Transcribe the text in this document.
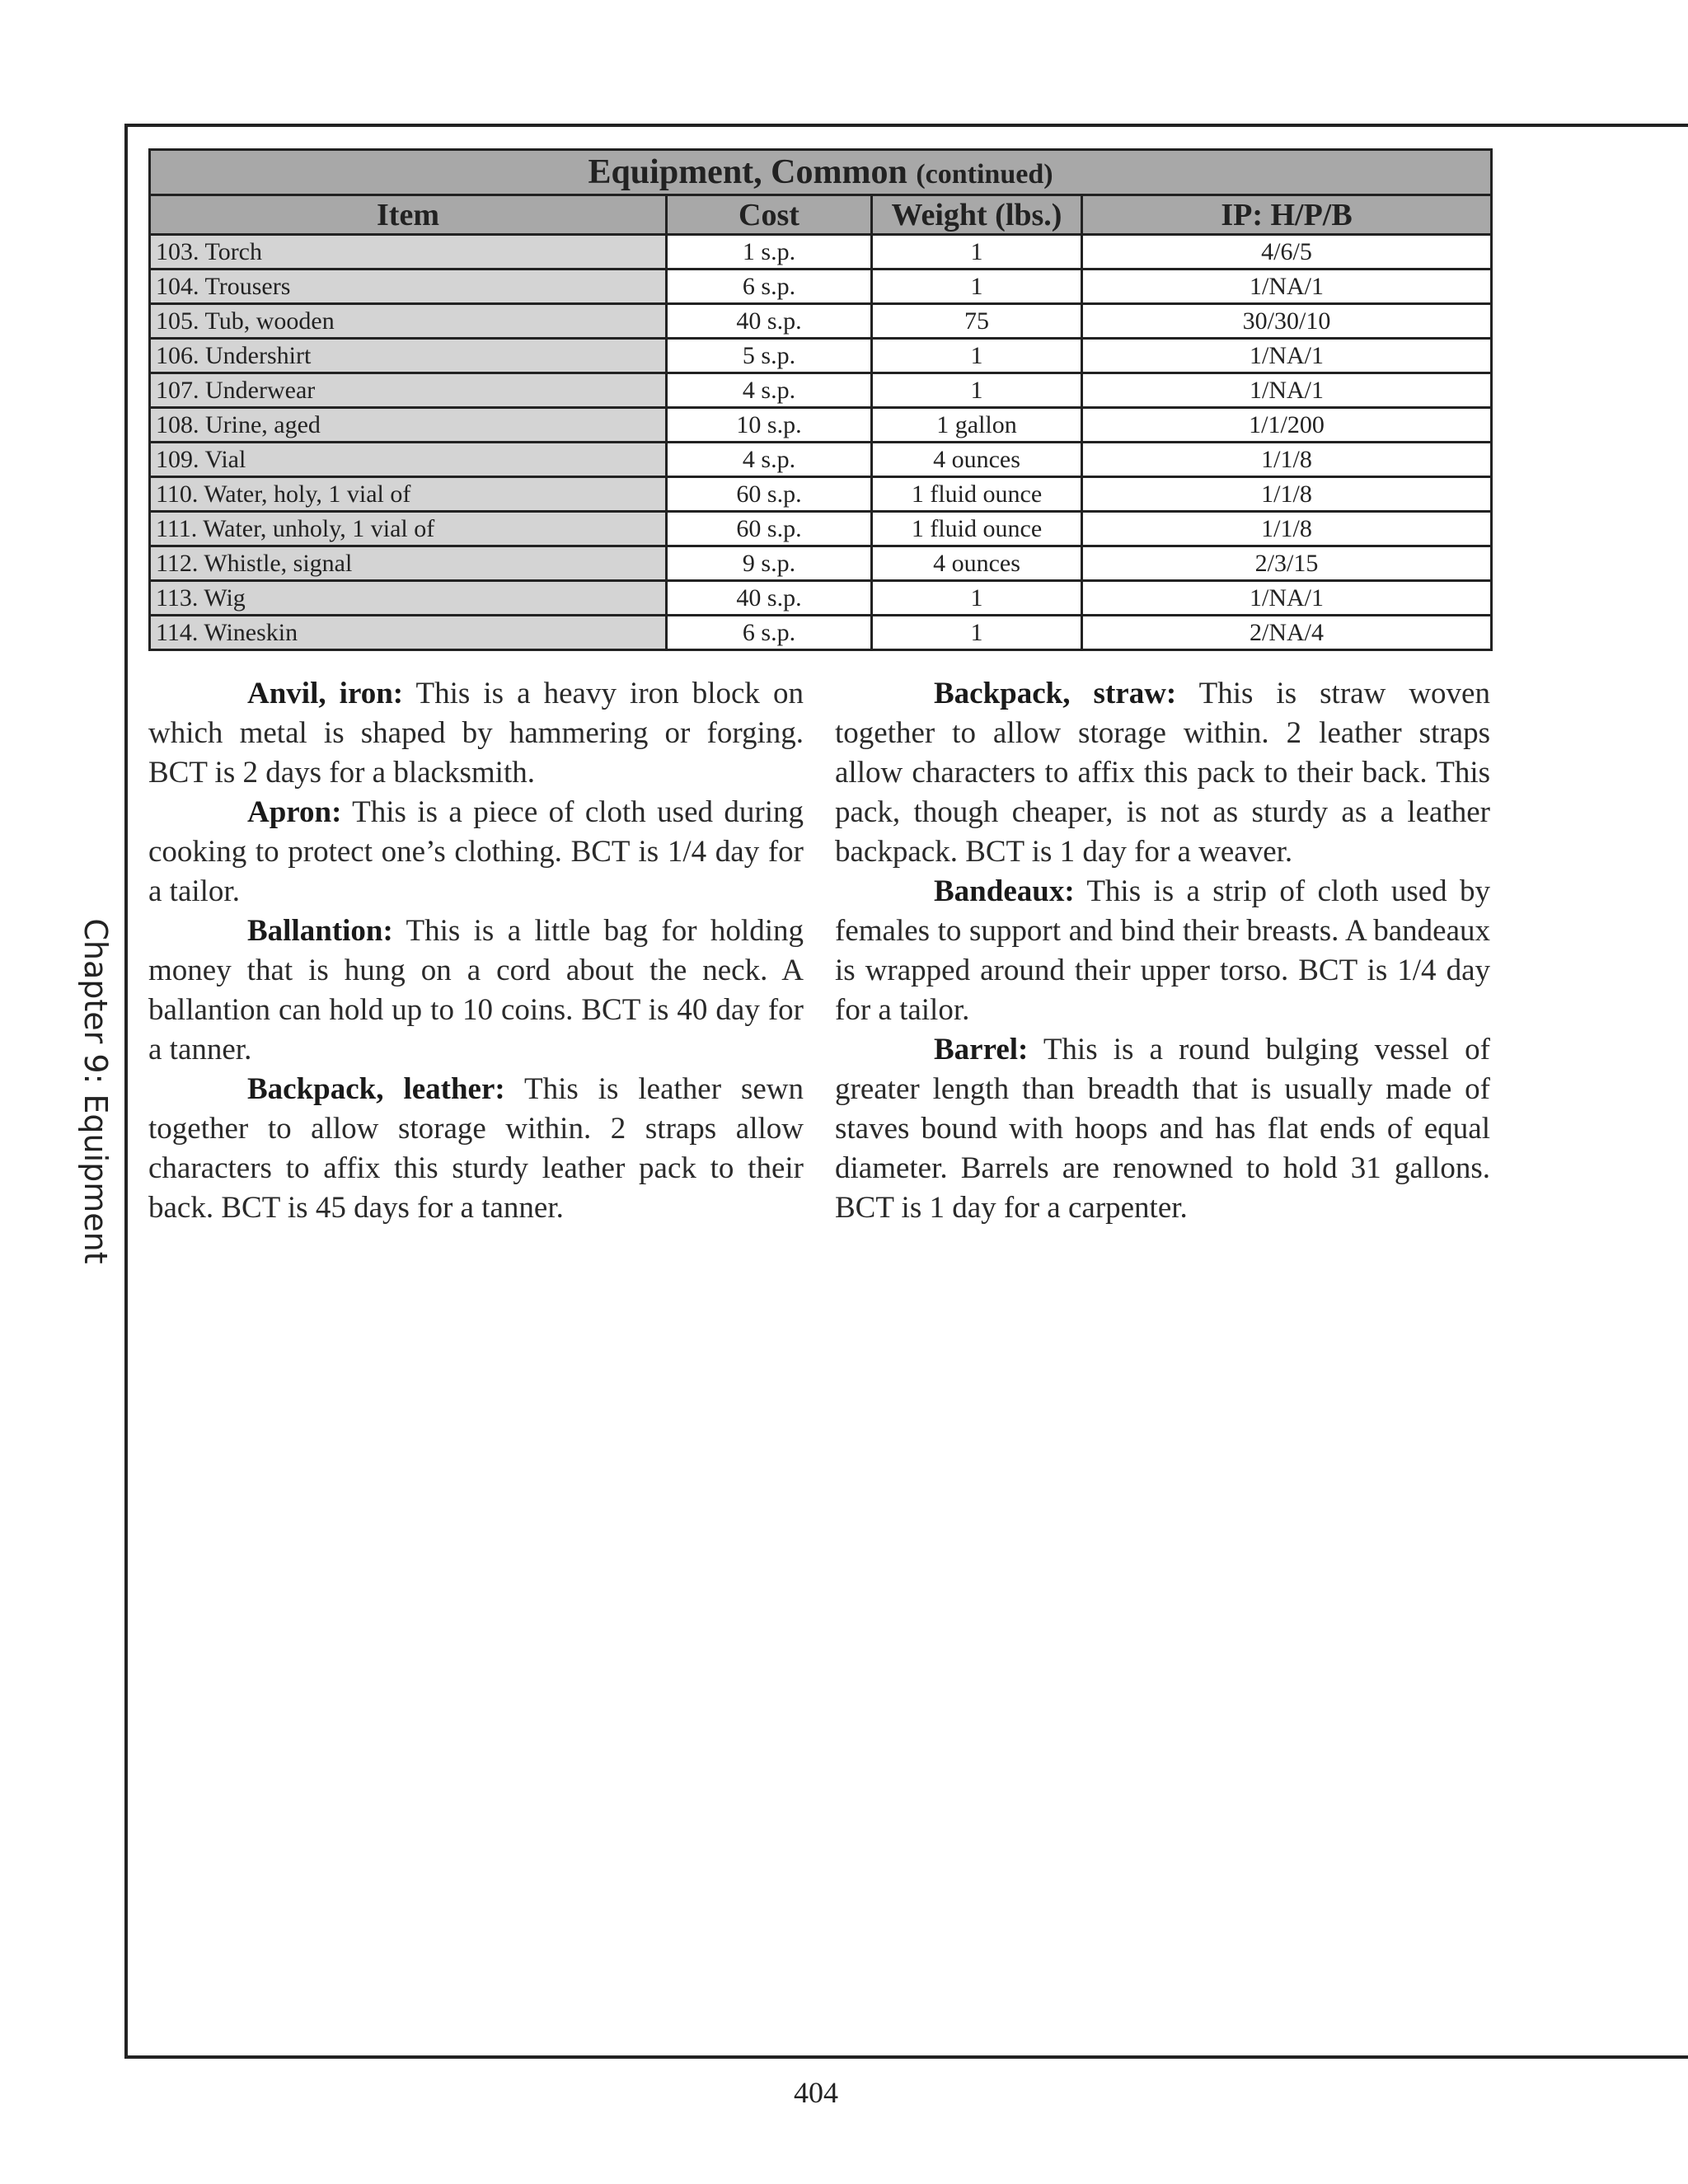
Chapter 9: Equipment
Equipment, Common (continued)			
Item	Cost	Weight (lbs.)	IP: H/P/B
103. Torch	1 s.p.	1	4/6/5
104. Trousers	6 s.p.	1	1/NA/1
105. Tub, wooden	40 s.p.	75	30/30/10
106. Undershirt	5 s.p.	1	1/NA/1
107. Underwear	4 s.p.	1	1/NA/1
108. Urine, aged	10 s.p.	1 gallon	1/1/200
109. Vial	4 s.p.	4 ounces	1/1/8
110. Water, holy, 1 vial of	60 s.p.	1 fluid ounce	1/1/8
111. Water, unholy, 1 vial of	60 s.p.	1 fluid ounce	1/1/8
112. Whistle, signal	9 s.p.	4 ounces	2/3/15
113. Wig	40 s.p.	1	1/NA/1
114. Wineskin	6 s.p.	1	2/NA/4

Anvil, iron: This is a heavy iron block on which metal is shaped by hammering or forging. BCT is 2 days for a blacksmith.

Apron: This is a piece of cloth used during cooking to protect one’s clothing. BCT is 1/4 day for a tailor.

Ballantion: This is a little bag for holding money that is hung on a cord about the neck. A ballantion can hold up to 10 coins. BCT is 40 day for a tanner.

Backpack, leather: This is leather sewn together to allow storage within. 2 straps allow characters to affix this sturdy leather pack to their back. BCT is 45 days for a tanner.

Backpack, straw: This is straw woven together to allow storage within. 2 leather straps allow characters to affix this pack to their back. This pack, though cheaper, is not as sturdy as a leather backpack. BCT is 1 day for a weaver.

Bandeaux: This is a strip of cloth used by females to support and bind their breasts. A bandeaux is wrapped around their upper torso. BCT is 1/4 day for a tailor.

Barrel: This is a round bulging vessel of greater length than breadth that is usually made of staves bound with hoops and has flat ends of equal diameter. Barrels are renowned to hold 31 gallons. BCT is 1 day for a carpenter.

404
